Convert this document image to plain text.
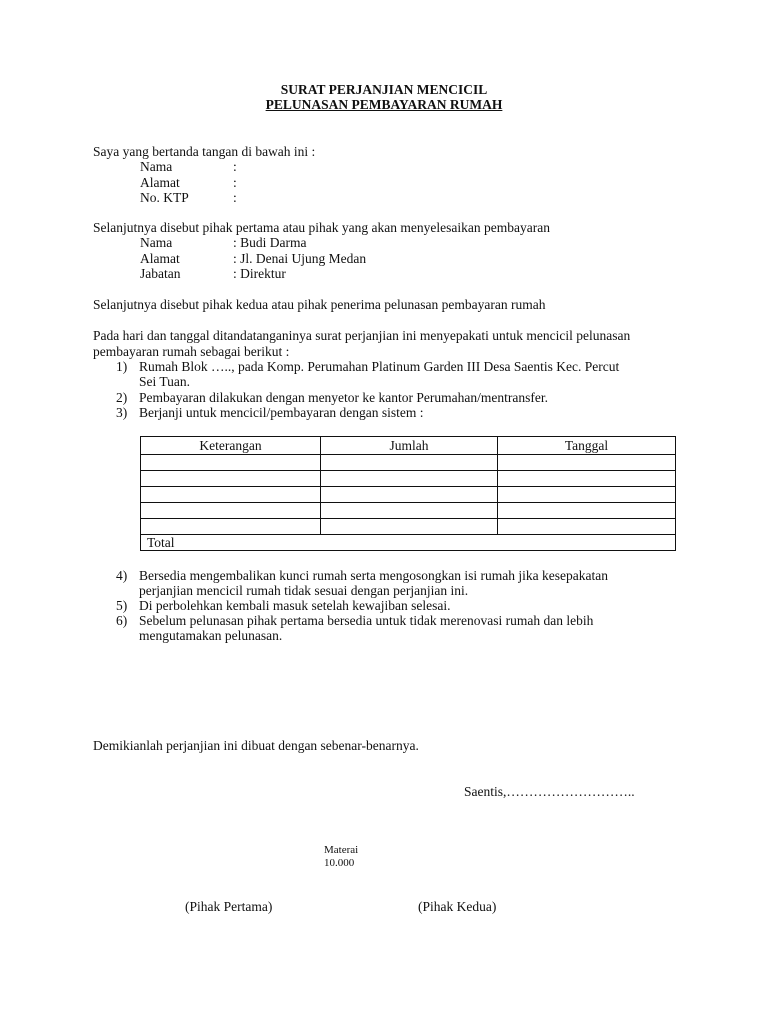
SURAT PERJANJIAN MENCICIL
PELUNASAN PEMBAYARAN RUMAH
Saya yang bertanda tangan di bawah ini :
Nama	:
Alamat	:
No. KTP	:
Selanjutnya disebut pihak pertama atau pihak yang akan menyelesaikan pembayaran
Nama	: Budi Darma
Alamat	: Jl. Denai Ujung Medan
Jabatan	: Direktur
Selanjutnya disebut pihak kedua atau pihak penerima pelunasan pembayaran rumah
Pada hari dan tanggal ditandatanganinya surat perjanjian ini menyepakati untuk mencicil pelunasan
pembayaran rumah sebagai berikut :
1) Rumah Blok ….., pada Komp. Perumahan Platinum Garden III Desa Saentis Kec. Percut
Sei Tuan.
2) Pembayaran dilakukan dengan menyetor ke kantor Perumahan/mentransfer.
3) Berjanji untuk mencicil/pembayaran dengan sistem :
Keterangan	Jumlah	Tanggal

Total		
4) Bersedia mengembalikan kunci rumah serta mengosongkan isi rumah jika kesepakatan
perjanjian mencicil rumah tidak sesuai dengan perjanjian ini.
5) Di perbolehkan kembali masuk setelah kewajiban selesai.
6) Sebelum pelunasan pihak pertama bersedia untuk tidak merenovasi rumah dan lebih
mengutamakan pelunasan.
Demikianlah perjanjian ini dibuat dengan sebenar-benarnya.
Saentis,………………………..
Materai
10.000
(Pihak Pertama)	(Pihak Kedua)
